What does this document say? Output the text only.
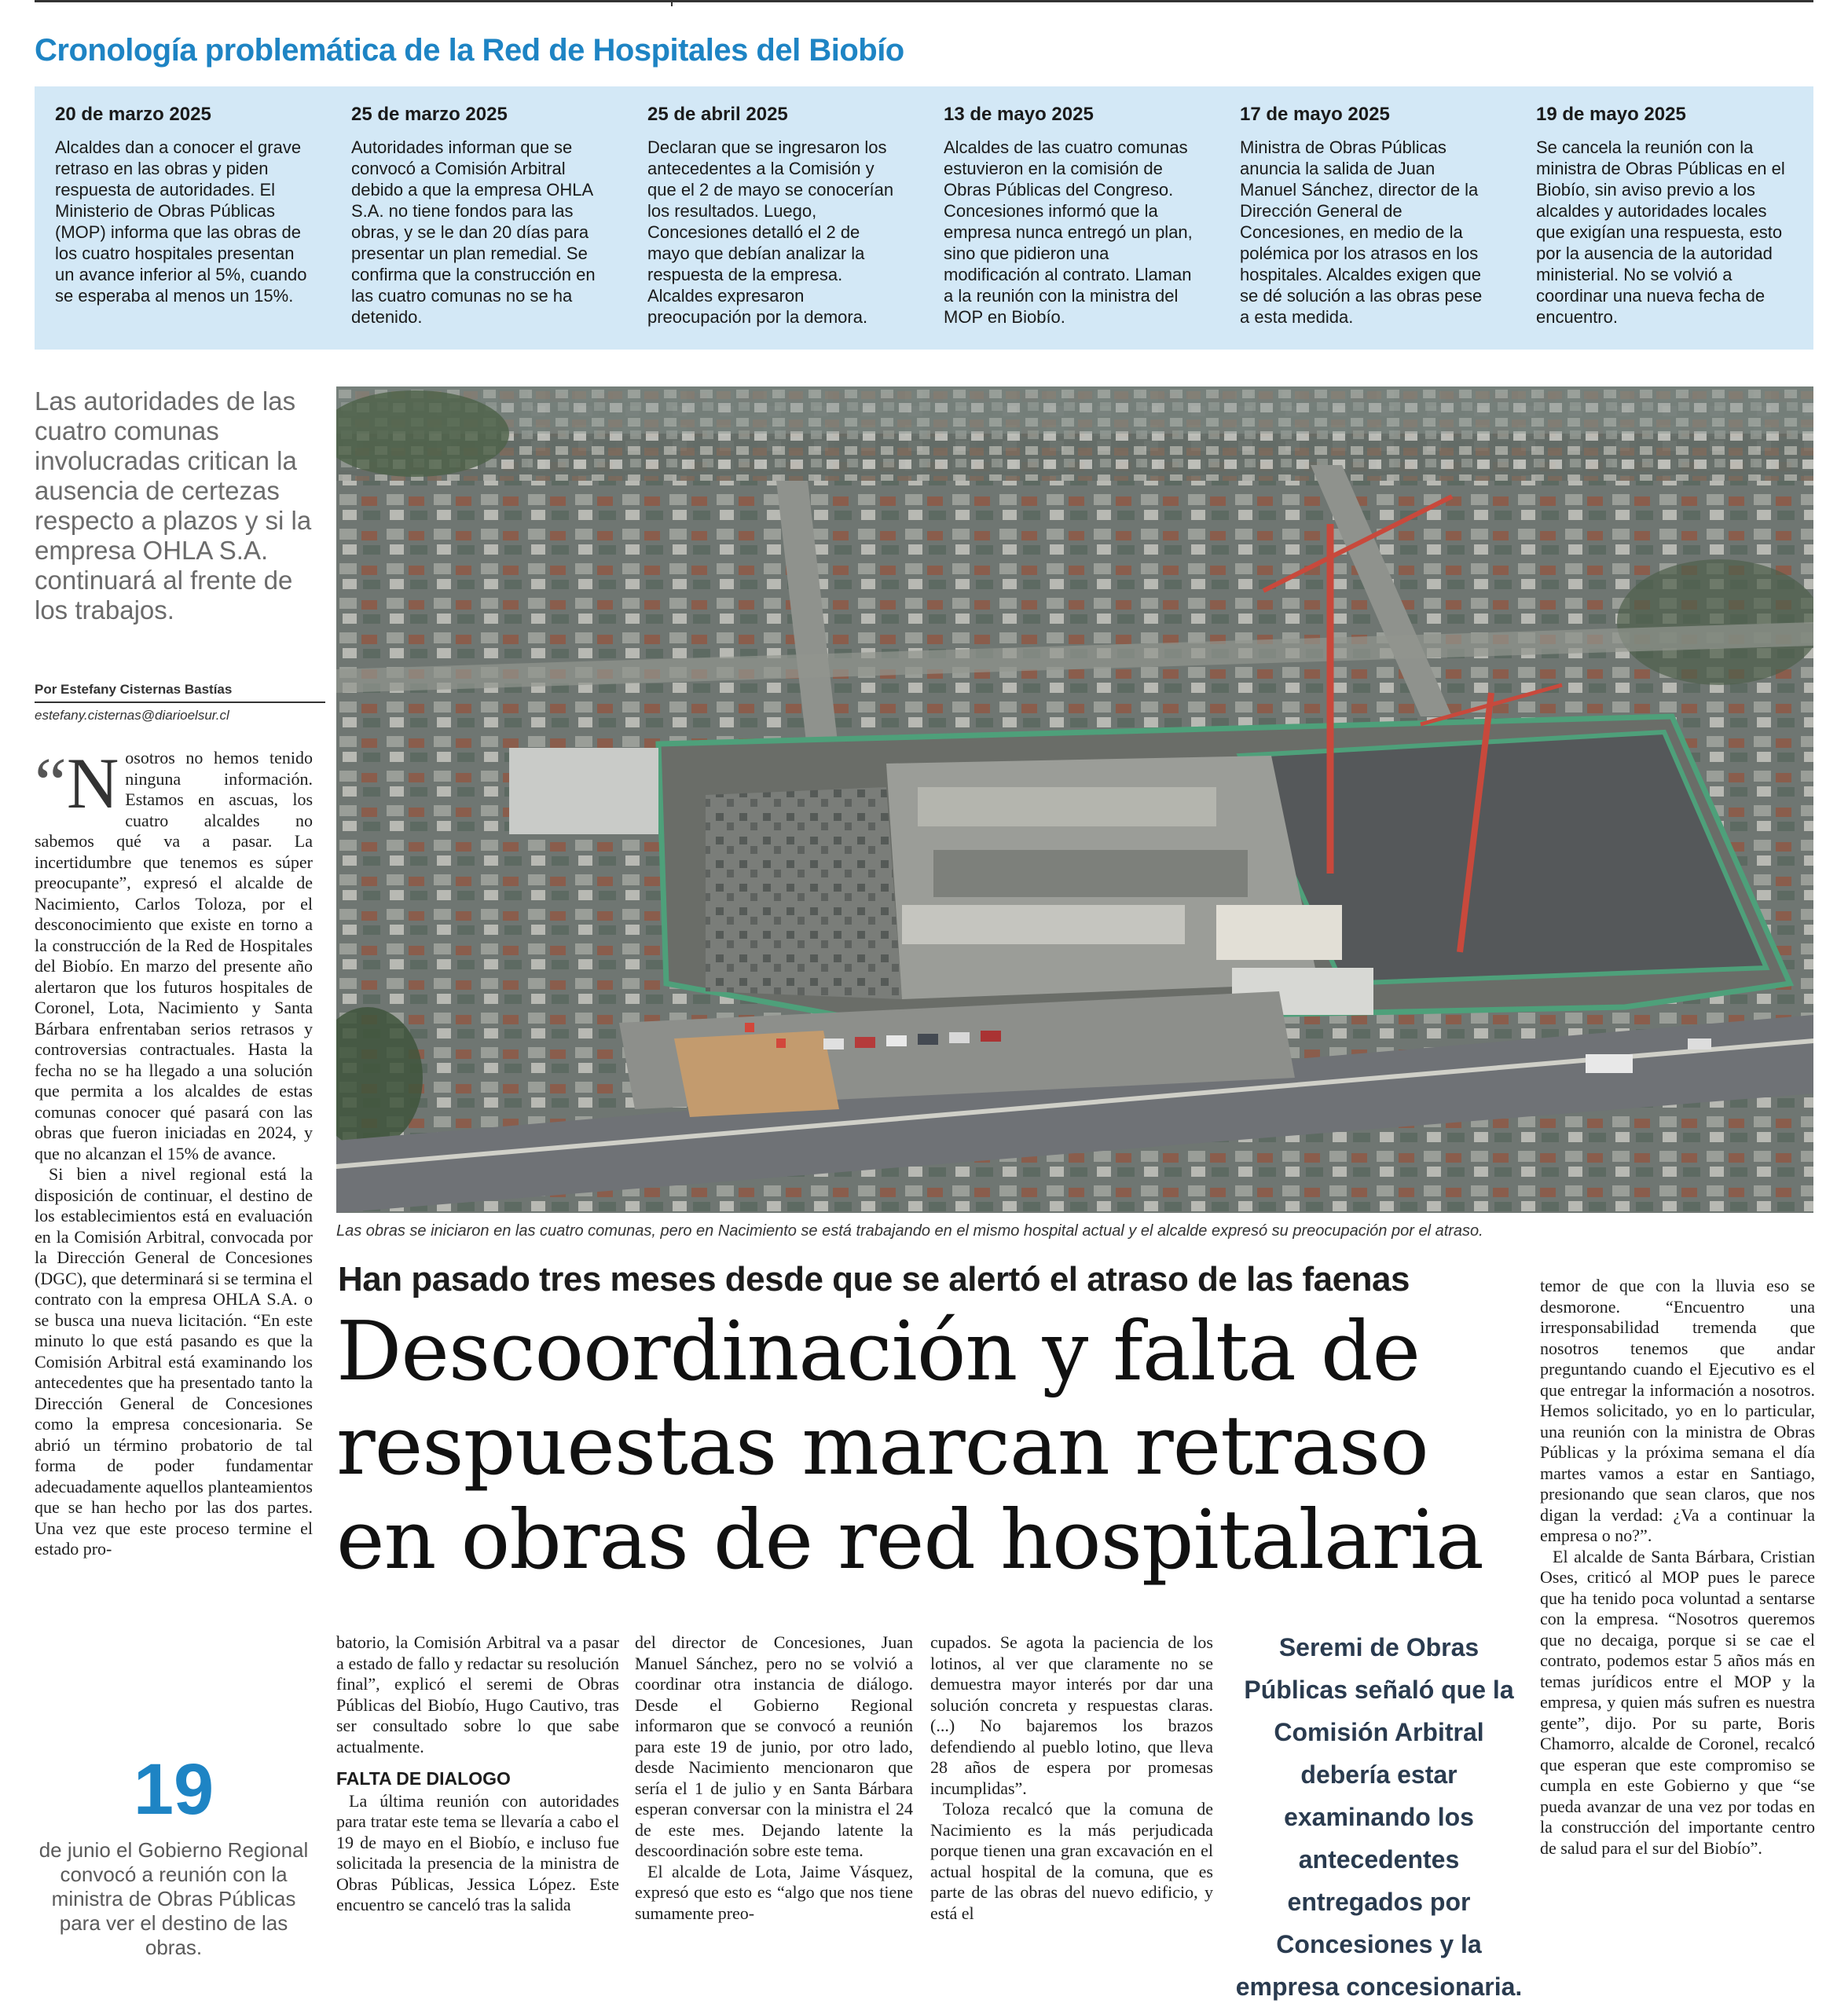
Cronología problemática de la Red de Hospitales del Biobío
20 de marzo 2025
Alcaldes dan a conocer el grave retraso en las obras y piden respuesta de autoridades. El Ministerio de Obras Públicas (MOP) informa que las obras de los cuatro hospitales presentan un avance inferior al 5%, cuando se esperaba al menos un 15%.
25 de marzo 2025
Autoridades informan que se convocó a Comisión Arbitral debido a que la empresa OHLA S.A. no tiene fondos para las obras, y se le dan 20 días para presentar un plan remedial. Se confirma que la construcción en las cuatro comunas no se ha detenido.
25 de abril 2025
Declaran que se ingresaron los antecedentes a la Comisión y que el 2 de mayo se conocerían los resultados. Luego, Concesiones detalló el 2 de mayo que debían analizar la respuesta de la empresa. Alcaldes expresaron preocupación por la demora.
13 de mayo 2025
Alcaldes de las cuatro comunas estuvieron en la comisión de Obras Públicas del Congreso. Concesiones informó que la empresa nunca entregó un plan, sino que pidieron una modificación al contrato. Llaman a la reunión con la ministra del MOP en Biobío.
17 de mayo 2025
Ministra de Obras Públicas anuncia la salida de Juan Manuel Sánchez, director de la Dirección General de Concesiones, en medio de la polémica por los atrasos en los hospitales. Alcaldes exigen que se dé solución a las obras pese a esta medida.
19 de mayo 2025
Se cancela la reunión con la ministra de Obras Públicas en el Biobío, sin aviso previo a los alcaldes y autoridades locales que exigían una respuesta, esto por la ausencia de la autoridad ministerial. No se volvió a coordinar una nueva fecha de encuentro.
Las autoridades de las cuatro comunas involucradas critican la ausencia de certezas respecto a plazos y si la empresa OHLA S.A. continuará al frente de los trabajos.
Por Estefany Cisternas Bastías
estefany.cisternas@diarioelsur.cl

“N osotros no hemos tenido ninguna información. Estamos en ascuas, los cuatro alcaldes no sabemos qué va a pasar. La incertidumbre que tenemos es súper preocupante”, expresó el alcalde de Nacimiento, Carlos Toloza, por el desconocimiento que existe en torno a la construcción de la Red de Hospitales del Biobío. En marzo del presente año alertaron que los futuros hospitales de Coronel, Lota, Nacimiento y Santa Bárbara enfrentaban serios retrasos y controversias contractuales. Hasta la fecha no se ha llegado a una solución que permita a los alcaldes de estas comunas conocer qué pasará con las obras que fueron iniciadas en 2024, y que no alcanzan el 15% de avance.

Si bien a nivel regional está la disposición de continuar, el destino de los establecimientos está en evaluación en la Comisión Arbitral, convocada por la Dirección General de Concesiones (DGC), que determinará si se termina el contrato con la empresa OHLA S.A. o se busca una nueva licitación. “En este minuto lo que está pasando es que la Comisión Arbitral está examinando los antecedentes que ha presentado tanto la Dirección General de Concesiones como la empresa concesionaria. Se abrió un término probatorio de tal forma de poder fundamentar adecuadamente aquellos planteamientos que se han hecho por las dos partes. Una vez que este proceso termine el estado pro-

19
de junio el Gobierno Regional convocó a reunión con la ministra de Obras Públicas para ver el destino de las obras.
Las obras se iniciaron en las cuatro comunas, pero en Nacimiento se está trabajando en el mismo hospital actual y el alcalde expresó su preocupación por el atraso.
Han pasado tres meses desde que se alertó el atraso de las faenas
Descoordinación y falta de respuestas marcan retraso en obras de red hospitalaria

batorio, la Comisión Arbitral va a pasar a estado de fallo y redactar su resolución final”, explicó el seremi de Obras Públicas del Biobío, Hugo Cautivo, tras ser consultado sobre lo que sabe actualmente.

FALTA DE DIALOGO

La última reunión con autoridades para tratar este tema se llevaría a cabo el 19 de mayo en el Biobío, e incluso fue solicitada la presencia de la ministra de Obras Públicas, Jessica López. Este encuentro se canceló tras la salida

del director de Concesiones, Juan Manuel Sánchez, pero no se volvió a coordinar otra instancia de diálogo. Desde el Gobierno Regional informaron que se convocó a reunión para este 19 de junio, por otro lado, desde Nacimiento mencionaron que sería el 1 de julio y en Santa Bárbara esperan conversar con la ministra el 24 de este mes. Dejando latente la descoordinación sobre este tema.

El alcalde de Lota, Jaime Vásquez, expresó que esto es “algo que nos tiene sumamente preo-

cupados. Se agota la paciencia de los lotinos, al ver que claramente no se demuestra mayor interés por dar una solución concreta y respuestas claras. (...) No bajaremos los brazos defendiendo al pueblo lotino, que lleva 28 años de espera por promesas incumplidas”.

Toloza recalcó que la comuna de Nacimiento es la más perjudicada porque tienen una gran excavación en el actual hospital de la comuna, que es parte de las obras del nuevo edificio, y está el

Seremi de Obras Públicas señaló que la Comisión Arbitral debería estar examinando los antecedentes entregados por Concesiones y la empresa concesionaria.

temor de que con la lluvia eso se desmorone. “Encuentro una irresponsabilidad tremenda que nosotros tenemos que andar preguntando cuando el Ejecutivo es el que entregar la información a nosotros. Hemos solicitado, yo en lo particular, una reunión con la ministra de Obras Públicas y la próxima semana el día martes vamos a estar en Santiago, presionando que sean claros, que nos digan la verdad: ¿Va a continuar la empresa o no?”.

El alcalde de Santa Bárbara, Cristian Oses, criticó al MOP pues le parece que ha tenido poca voluntad a sentarse con la empresa. “Nosotros queremos que no decaiga, porque si se cae el contrato, podemos estar 5 años más en temas jurídicos entre el MOP y la empresa, y quien más sufren es nuestra gente”, dijo. Por su parte, Boris Chamorro, alcalde de Coronel, recalcó que esperan que este compromiso se cumpla en este Gobierno y que “se pueda avanzar de una vez por todas en la construcción del importante centro de salud para el sur del Biobío”.
